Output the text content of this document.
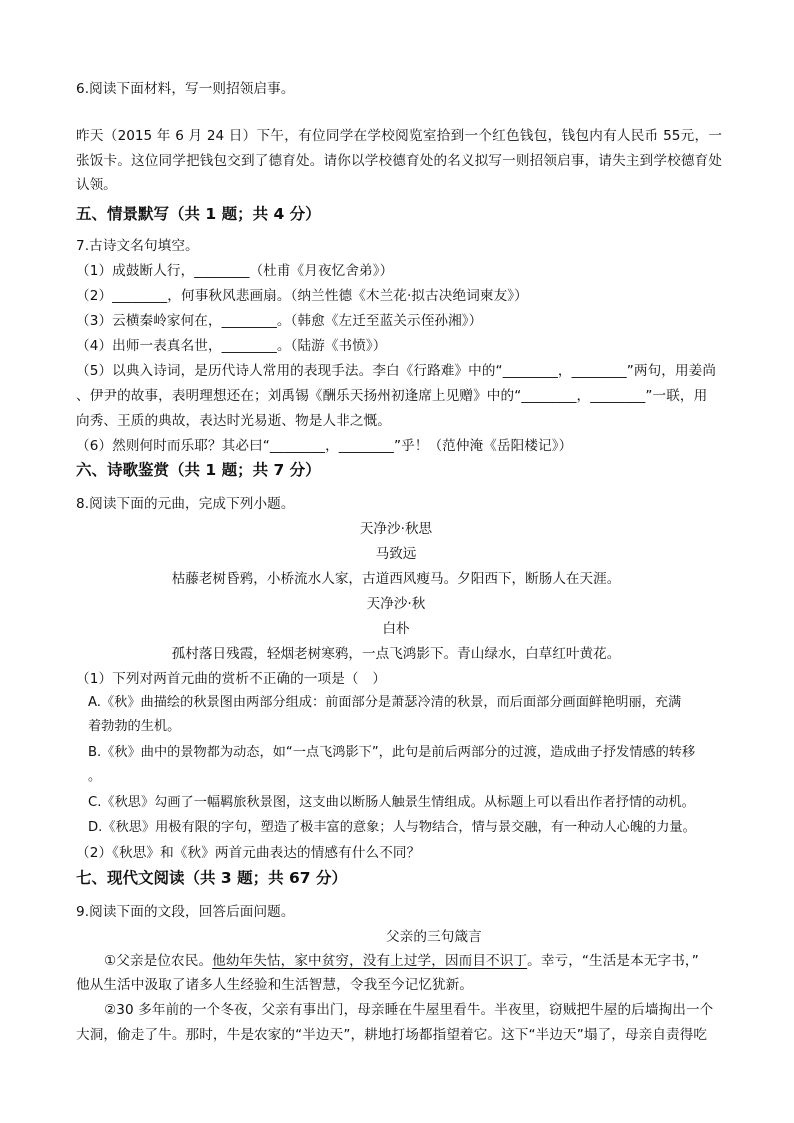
6.阅读下面材料，写一则招领启事。
昨天（2015 年 6 月 24 日）下午，有位同学在学校阅览室拾到一个红色钱包，钱包内有人民币 55元，一张饭卡。这位同学把钱包交到了德育处。请你以学校德育处的名义拟写一则招领启事，请失主到学校德育处认领。
五、情景默写（共 1 题；共 4 分）
7.古诗文名句填空。
（1）成鼓断人行，________（杜甫《月夜忆舍弟》）
（2）________，何事秋风悲画扇。（纳兰性德《木兰花·拟古决绝词柬友》）
（3）云横秦岭家何在，________。（韩愈《左迁至蓝关示侄孙湘》）
（4）出师一表真名世，________。（陆游《书愤》）
（5）以典入诗词，是历代诗人常用的表现手法。李白《行路难》中的“________，________”两句，用姜尚
、伊尹的故事，表明理想还在；刘禹锡《酬乐天扬州初逢席上见赠》中的“________，________”一联，用
向秀、王质的典故，表达时光易逝、物是人非之慨。
（6）然则何时而乐耶？其必曰“________，________”乎！（范仲淹《岳阳楼记》）
六、诗歌鉴赏（共 1 题；共 7 分）
8.阅读下面的元曲，完成下列小题。
天净沙·秋思
马致远
枯藤老树昏鸦，小桥流水人家，古道西风瘦马。夕阳西下，断肠人在天涯。
天净沙·秋
白朴
孤村落日残霞，轻烟老树寒鸦，一点飞鸿影下。青山绿水，白草红叶黄花。
（1）下列对两首元曲的赏析不正确的一项是（　）
A.《秋》曲描绘的秋景图由两部分组成：前面部分是萧瑟冷清的秋景，而后面部分画面鲜艳明丽，充满
着勃勃的生机。
B.《秋》曲中的景物都为动态，如“一点飞鸿影下”，此句是前后两部分的过渡，造成曲子抒发情感的转移
。
C.《秋思》勾画了一幅羁旅秋景图，这支曲以断肠人触景生情组成。从标题上可以看出作者抒情的动机。
D.《秋思》用极有限的字句，塑造了极丰富的意象；人与物结合，情与景交融，有一种动人心魄的力量。
（2）《秋思》和《秋》两首元曲表达的情感有什么不同？
七、现代文阅读（共 3 题；共 67 分）
9.阅读下面的文段，回答后面问题。
父亲的三句箴言
①父亲是位农民。他幼年失怙，家中贫穷，没有上过学，因而目不识丁。幸亏，“生活是本无字书，”
他从生活中汲取了诸多人生经验和生活智慧，令我至今记忆犹新。
②30 多年前的一个冬夜，父亲有事出门，母亲睡在牛屋里看牛。半夜里，窃贼把牛屋的后墙掏出一个
大洞，偷走了牛。那时，牛是农家的“半边天”，耕地打场都指望着它。这下“半边天”塌了，母亲自责得吃
